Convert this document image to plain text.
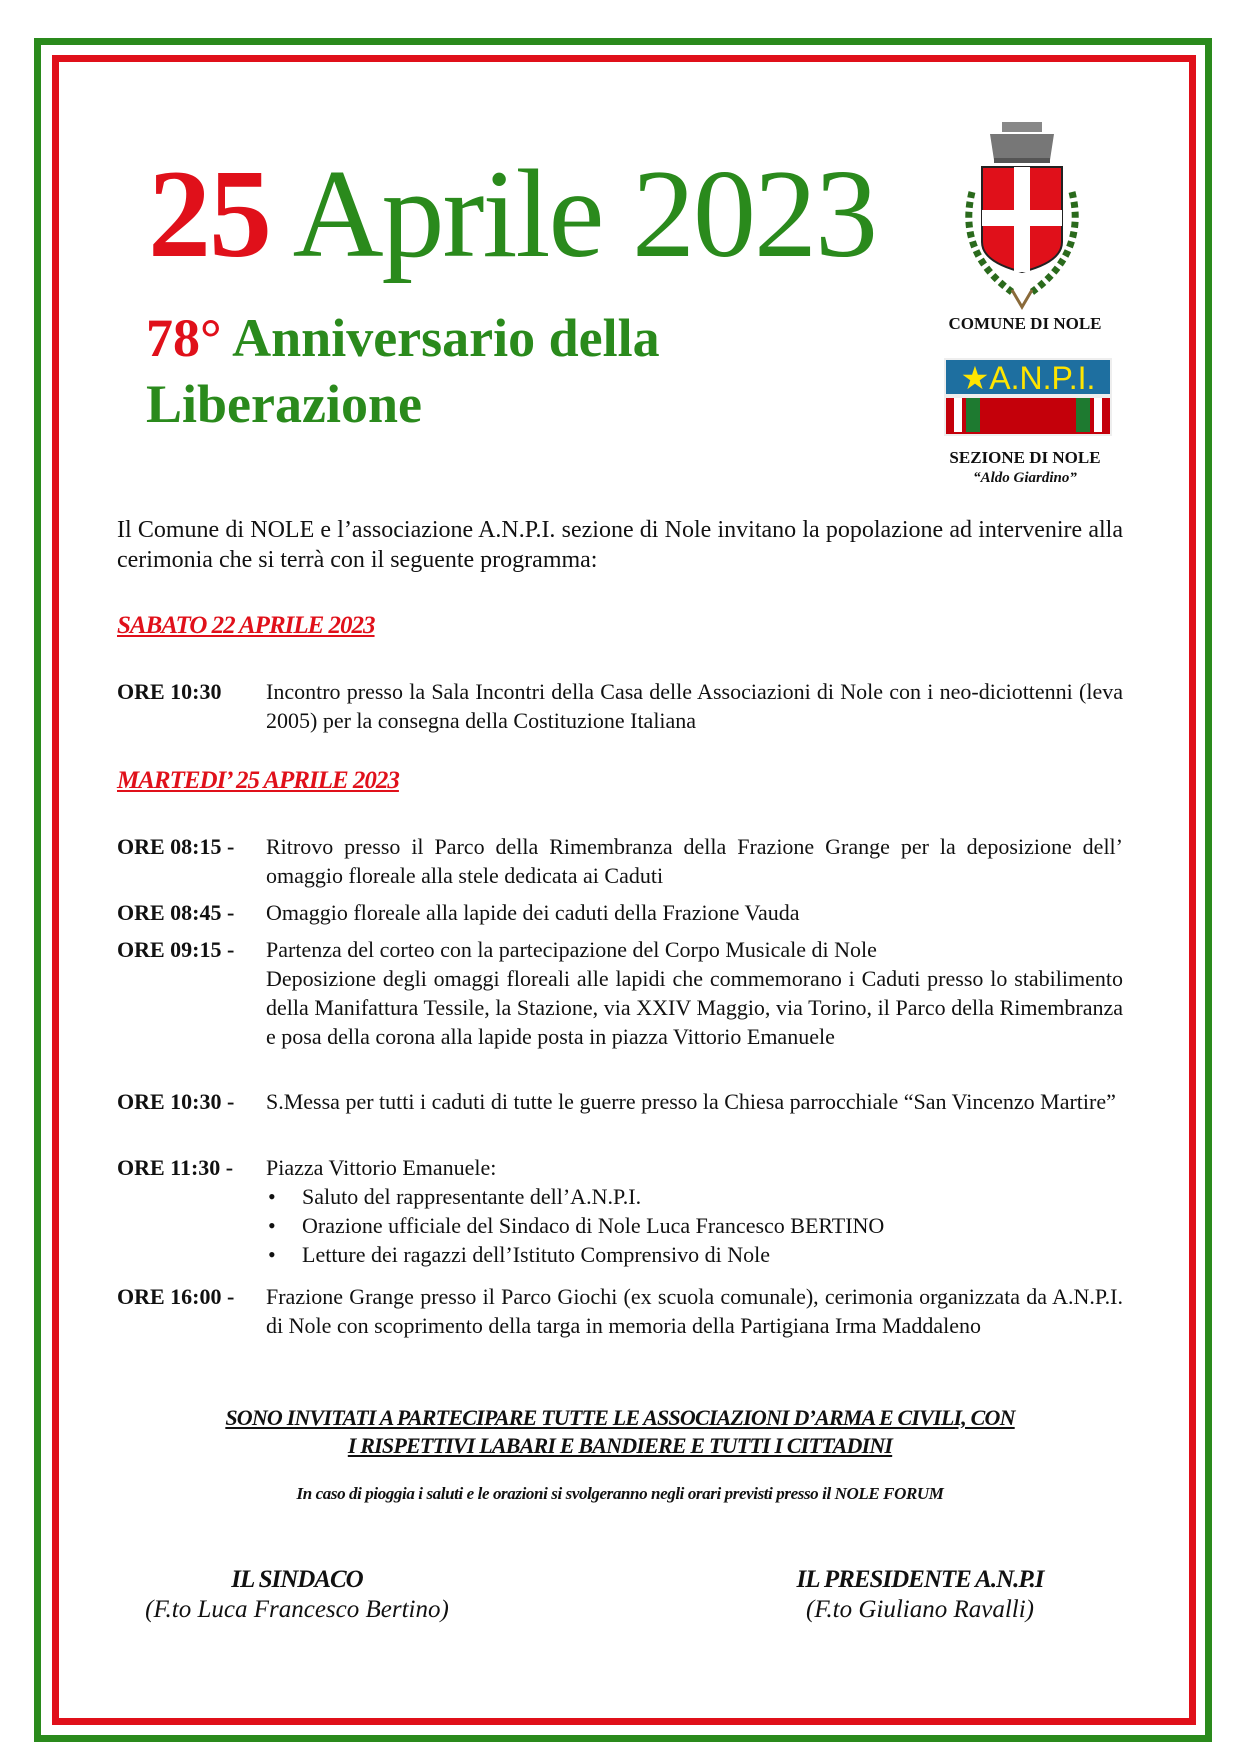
25 Aprile 2023
78° Anniversario della Liberazione
COMUNE DI NOLE
★A.N.P.I.
SEZIONE DI NOLE
“Aldo Giardino”
Il Comune di NOLE e l’associazione A.N.P.I. sezione di Nole invitano la popolazione ad intervenire alla cerimonia che si terrà con il seguente programma:
SABATO 22 APRILE 2023
ORE 10:30	Incontro presso la Sala Incontri della Casa delle Associazioni di Nole con i neo-diciottenni (leva 2005) per la consegna della Costituzione Italiana
MARTEDI’ 25 APRILE 2023
ORE 08:15 -	Ritrovo presso il Parco della Rimembranza della Frazione Grange per la deposizione dell’ omaggio floreale alla stele dedicata ai Caduti
ORE 08:45 -	Omaggio floreale alla lapide dei caduti della Frazione Vauda
ORE 09:15 -	Partenza del corteo con la partecipazione del Corpo Musicale di Nole
Deposizione degli omaggi floreali alle lapidi che commemorano i Caduti presso lo stabilimento della Manifattura Tessile, la Stazione, via XXIV Maggio, via Torino, il Parco della Rimembranza e posa della corona alla lapide posta in piazza Vittorio Emanuele
ORE 10:30 -	S.Messa per tutti i caduti di tutte le guerre presso la Chiesa parrocchiale “San Vincenzo Martire”
ORE 11:30 -	Piazza Vittorio Emanuele:
• Saluto del rappresentante dell’A.N.P.I.
• Orazione ufficiale del Sindaco di Nole Luca Francesco BERTINO
• Letture dei ragazzi dell’Istituto Comprensivo di Nole
ORE 16:00 -	Frazione Grange presso il Parco Giochi (ex scuola comunale), cerimonia organizzata da A.N.P.I. di Nole con scoprimento della targa in memoria della Partigiana Irma Maddaleno
SONO INVITATI A PARTECIPARE TUTTE LE ASSOCIAZIONI D’ARMA E CIVILI, CON
I RISPETTIVI LABARI E BANDIERE E TUTTI I CITTADINI
In caso di pioggia i saluti e le orazioni si svolgeranno negli orari previsti presso il NOLE FORUM
IL SINDACO
(F.to Luca Francesco Bertino)
IL PRESIDENTE A.N.P.I
(F.to Giuliano Ravalli)
